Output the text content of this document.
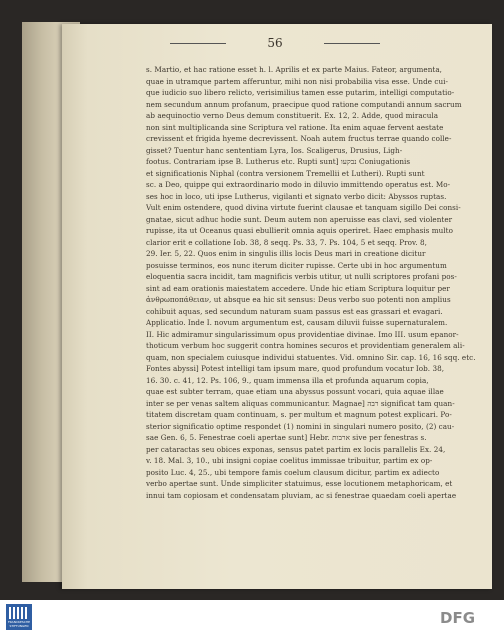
56
s. Martio, et hac ratione esset h. l. Aprilis et ex parte Maius. Fateor, argumenta,
quae in utramque partem afferuntur, mihi non nisi probabilia visa esse. Unde cui-
que iudicio suo libero relicto, verisimilius tamen esse putarim, intelligi computatio-
nem secundum annum profanum, praecipue quod ratione computandi annum sacrum
ab aequinoctio verno Deus demum constituerit. Ex. 12, 2. Adde, quod miracula
non sint multiplicanda sine Scriptura vel ratione. Ita enim aquae fervent aestate
crevissent et frigida hyeme decrevissent. Noah autem fructus terrae quando colle-
gisset? Tuentur hanc sententiam Lyra, Ios. Scaligerus, Drusius, Ligh-
footus. Contrariam ipse B. Lutherus etc. Rupti sunt] נבקעו Coniugationis
et significationis Niphal (contra versionem Tremellii et Lutheri). Rupti sunt
sc. a Deo, quippe qui extraordinario modo in diluvio immittendo operatus est. Mo-
ses hoc in loco, uti ipse Lutherus, vigilanti et signato verbo dicit: Abyssos ruptas.
Vult enim ostendere, quod divina virtute fuerint clausae et tanquam sigillo Dei consi-
gnatae, sicut adhuc hodie sunt. Deum autem non aperuisse eas clavi, sed violenter
rupisse, ita ut Oceanus quasi ebullierit omnia aquis operiret. Haec emphasis multo
clarior erit e collatione Iob. 38, 8 seqq. Ps. 33, 7. Ps. 104, 5 et seqq. Prov. 8,
29. Ier. 5, 22. Quos enim in singulis illis locis Deus mari in creatione dicitur
posuisse terminos, eos nunc iterum diciter rupisse. Certe ubi in hoc argumentum
eloquentia sacra incidit, tam magnificis verbis utitur, ut nulli scriptores profani pos-
sint ad eam orationis maiestatem accedere. Unde hic etiam Scriptura loquitur per
ἀνθρωποπάθειαν, ut absque ea hic sit sensus: Deus verbo suo potenti non amplius
cohibuit aquas, sed secundum naturam suam passus est eas grassari et evagari.
Applicatio. Inde I. novum argumentum est, causam diluvii fuisse supernaturalem.
II. Hic admiramur singularissimum opus providentiae divinae. Imo III. usum epanor-
thoticum verbum hoc suggerit contra homines securos et providentiam generalem ali-
quam, non specialem cuiusque individui statuentes. Vid. omnino Sir. cap. 16, 16 sqq. etc.
Fontes abyssi] Potest intelligi tam ipsum mare, quod profundum vocatur Iob. 38,
16. 30. c. 41, 12. Ps. 106, 9., quam immensa illa et profunda aquarum copia,
quae est subter terram, quae etiam una abyssus possunt vocari, quia aquae illae
inter se per venas saltem aliquas communicantur. Magnae] רבה significat tam quan-
titatem discretam quam continuam, s. per multum et magnum potest explicari. Po-
sterior significatio optime respondet (1) nomini in singulari numero posito, (2) cau-
sae Gen. 6, 5. Fenestrae coeli apertae sunt] Hebr. ארבות sive per fenestras s.
per cataractas seu obices exponas, sensus patet partim ex locis parallelis Ex. 24,
v. 18. Mal. 3, 10., ubi insigni copiae coelitus immissae tribuitur, partim ex op-
posito Luc. 4, 25., ubi tempore famis coelum clausum dicitur, partim ex adiecto
verbo apertae sunt. Unde simpliciter statuimus, esse locutionem metaphoricam, et
innui tam copiosam et condensatam pluviam, ac si fenestrae quaedam coeli apertae
FRANCKESCHE STIFTUNGEN	DFG
